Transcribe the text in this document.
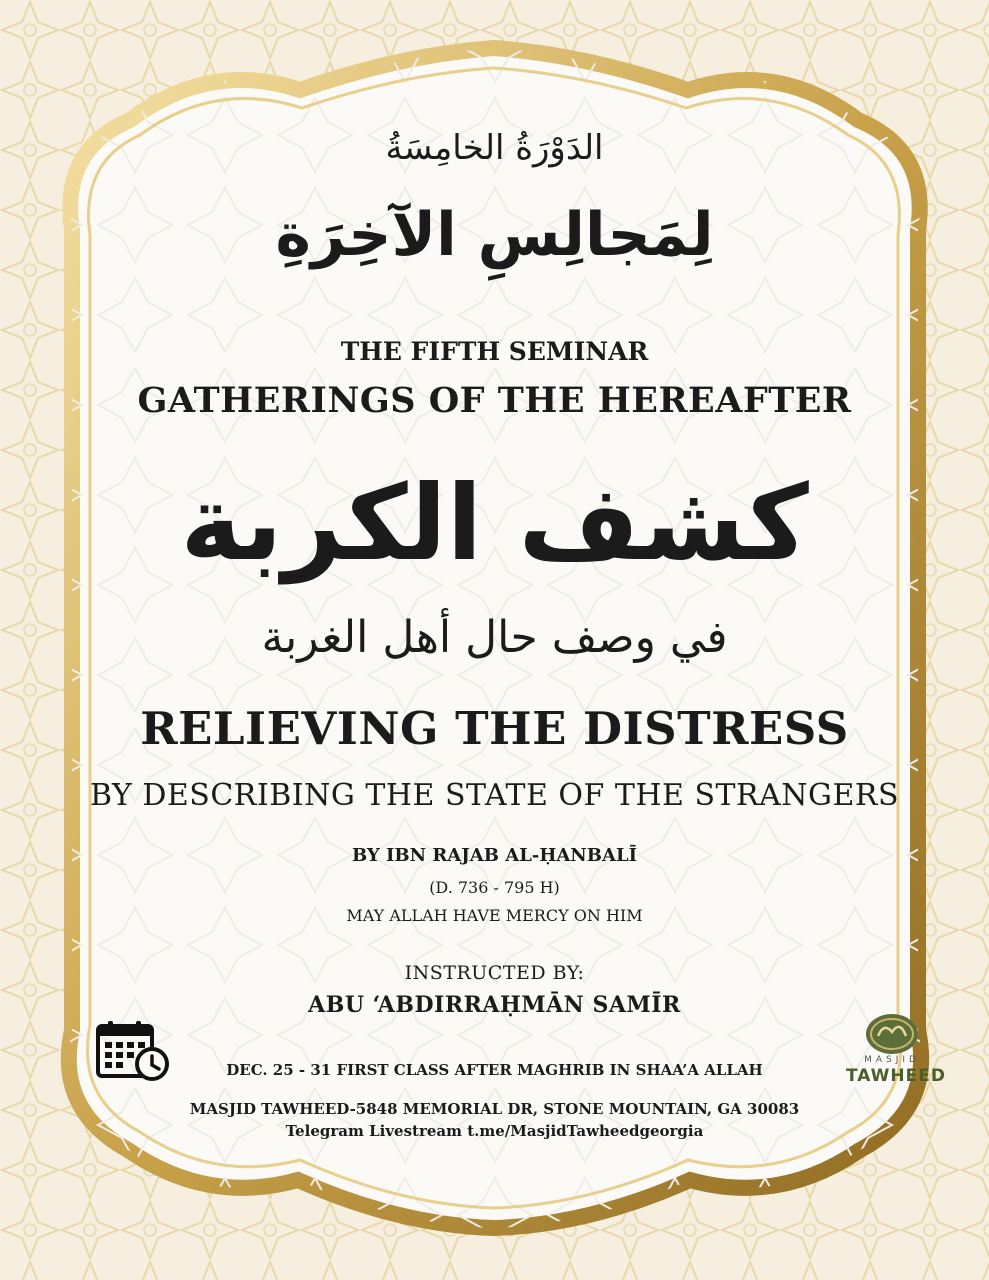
الدَوْرَةُ الخامِسَةُ
لِمَجالِسِ الآخِرَةِ
THE FIFTH SEMINAR
GATHERINGS OF THE HEREAFTER
كشف الكربة
في وصف حال أهل الغربة
RELIEVING THE DISTRESS
BY DESCRIBING THE STATE OF THE STRANGERS
BY IBN RAJAB AL-ḤANBALĪ
(D. 736 - 795 H)
MAY ALLAH HAVE MERCY ON HIM
INSTRUCTED BY:
ABU ‘ABDIRRAḤMĀN SAMĪR
DEC. 25 - 31 FIRST CLASS AFTER MAGHRIB IN SHAA’A ALLAH
MASJID TAWHEED-5848 MEMORIAL DR, STONE MOUNTAIN, GA 30083
Telegram Livestream t.me/MasjidTawheedgeorgia
MASJID
TAWHEED
